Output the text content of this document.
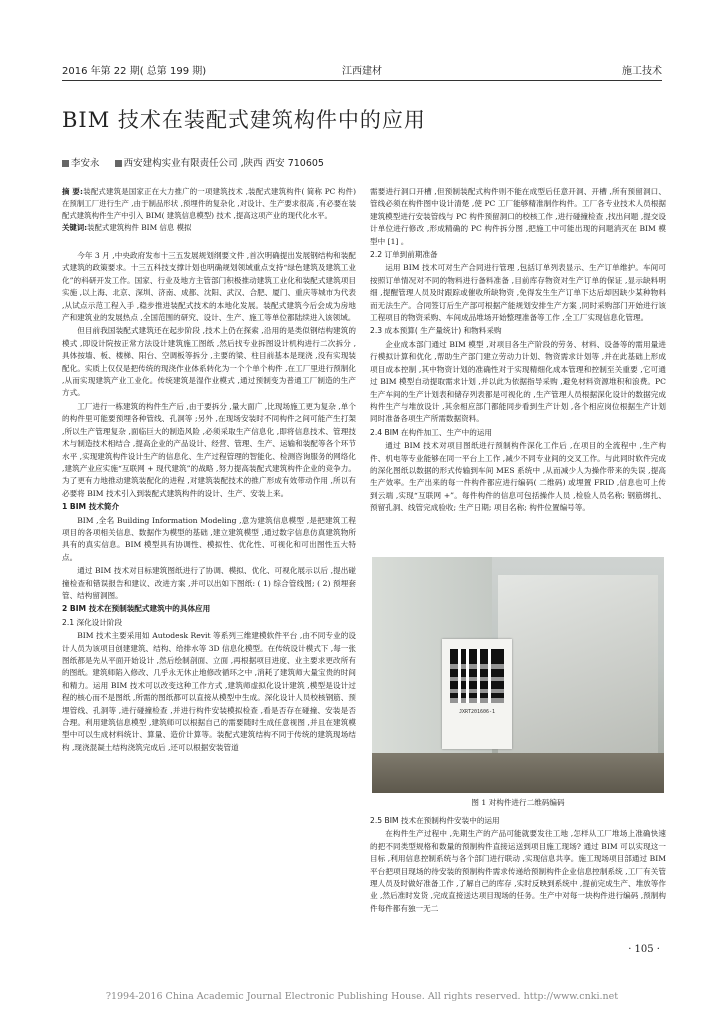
2016 年第 22 期( 总第 199 期)	江西建材	施工技术
BIM 技术在装配式建筑构件中的应用
李安永	西安建构实业有限责任公司 ,陕西 西安 710605

摘 要:装配式建筑是国家正在大力推广的一项建筑技术 ,装配式建筑构件( 简称 PC 构件) 在预制工厂进行生产 ,由于制品形状 ,预埋件的复杂化 ,对设计、生产要求很高 ,有必要在装配式建筑构件生产中引入 BIM( 建筑信息模型) 技术 ,提高这项产业的现代化水平。

关键词:装配式建筑构件 BIM 信息 模拟

今年 3 月 ,中央政府发布十三五发展规划纲要文件 ,首次明确提出发展钢结构和装配式建筑的政策要求。十三五科技支撑计划也明确规划领域重点支持“绿色建筑及建筑工业化”的科研开发工作。国家、行业及地方主管部门积极推动建筑工业化和装配式建筑项目实施 ,以上海、北京、深圳、济南、成都、沈阳、武汉、合肥、厦门、重庆等城市为代表 ,从试点示范工程入手 ,稳步推进装配式技术的本地化发展。装配式建筑今后会成为房地产和建筑业的发展热点 ,全国范围的研究、设计、生产、施工等单位都陆续进入该领域。

但目前我国装配式建筑还在起步阶段 ,技术上仍在探索 ,沿用的是类似钢结构建筑的模式 ,即设计院按正常方法设计建筑施工图纸 ,然后找专业拆图设计机构进行二次拆分 ,具体按墙、板、楼梯、阳台、空调板等拆分 ,主要的梁、柱目前基本是现浇 ,没有实现装配化。实质上仅仅是把传统的现浇作业体系转化为一个个单个构件 ,在工厂里进行预制化 ,从而实现建筑产业工业化。传统建筑是湿作业模式 ,通过预制变为普通工厂制造的生产方式。

工厂进行一栋建筑的构件生产后 ,由于要拆分 ,量大面广 ,比现场施工更为复杂 ,单个的构件里可能要预埋各种管线、孔洞等 ;另外 ,在现场安装时不同构件之间可能产生打架 ,所以生产管理复杂 ,面临巨大的制造风险 ,必须采取生产信息化 ,即将信息技术、管理技术与制造技术相结合 ,提高企业的产品设计、经营、管理、生产、运输和装配等各个环节水平 ,实现建筑构件设计生产的信息化、生产过程管理的智能化、检测咨询服务的网络化 ,建筑产业应实施“互联网 + 现代建筑”的战略 ,努力提高装配式建筑构件企业的竞争力。为了更有力地推动建筑装配化的进程 ,对建筑装配技术的推广形成有效带动作用 ,所以有必要将 BIM 技术引入到装配式建筑构件的设计、生产、安装上来。

1 BIM 技术简介

BIM ,全名 Building Information Modeling ,意为建筑信息模型 ,是把建筑工程项目的各项相关信息、数据作为模型的基础 ,建立建筑模型 ,通过数字信息仿真建筑物所具有的真实信息。BIM 模型具有协调性、模拟性、优化性、可视化和可出图性五大特点。

通过 BIM 技术对目标建筑图纸进行了协调、模拟、优化、可视化展示以后 ,提出碰撞检查和错误报告和建议、改进方案 ,并可以出如下图纸: ( 1) 综合管线图; ( 2) 预埋套管、结构留洞图。

2 BIM 技术在预制装配式建筑中的具体应用

2.1 深化设计阶段

BIM 技术主要采用如 Autodesk Revit 等系列三维建模软件平台 ,由不同专业的设计人员为该项目创建建筑、结构、给排水等 3D 信息化模型。在传统设计模式下 ,每一张图纸都是先从平面开始设计 ,然后绘制剖面、立面 ,再根据项目进度、业主要求更改所有的图纸。建筑师陷入修改、几乎永无休止地修改循环之中 ,消耗了建筑师大量宝贵的时间和精力。运用 BIM 技术可以改变这种工作方式 ,建筑师虚拟化设计建筑 ,模型是设计过程的核心而不是图纸 ,所需的图纸都可以直接从模型中生成。深化设计人员校核钢筋、预埋管线、孔洞等 ,进行碰撞检查 ,并进行构件安装模拟检查 ,看是否存在碰撞、安装是否合理。利用建筑信息模型 ,建筑师可以根据自己的需要随时生成任意视图 ,并且在建筑模型中可以生成材料统计、算量、造价计算等。装配式建筑结构不同于传统的建筑现场结构 ,现浇混凝土结构浇筑完成后 ,还可以根据安装管道

需要进行洞口开槽 ,但预制装配式构件则不能在成型后任意开洞、开槽 ,所有预留洞口、管线必须在构件图中设计清楚 ,使 PC 工厂能够精准制作构件。工厂各专业技术人员根据建筑模型进行安装管线与 PC 构件预留洞口的校核工作 ,进行碰撞检查 ,找出问题 ,提交设计单位进行修改 ,形成精确的 PC 构件拆分图 ,把施工中可能出现的问题消灭在 BIM 模型中 [1] 。

2.2 订单到前期准备

运用 BIM 技术可对生产合同进行管理 ,包括订单列表显示、生产订单维护。车间可按照订单情况对不同的物料进行备料准备 ,目前库存物资对生产订单的保证 ,显示缺料明细 ,提醒管理人员及时跟踪或催收所缺物资 ,免得发生生产订单下达后却因缺少某种物料而无法生产。合同签订后生产部可根据产能规划安排生产方案 ,同时采购部门开始进行该工程项目的物资采购、车间成品堆场开始整理准备等工作 ,全工厂实现信息化管理。

2.3 成本预算( 生产量统计) 和物料采购

企业成本部门通过 BIM 模型 ,对项目各生产阶段的劳务、材料、设备等的需用量进行模拟计算和优化 ,帮助生产部门建立劳动力计划、物资需求计划等 ,并在此基础上形成项目成本控制 ,其中物资计划的准确性对于实现精细化成本管理和控制至关重要 ,它可通过 BIM 模型自动提取需求计划 ,并以此为依据指导采购 ,避免材料资源堆积和浪费。PC 生产车间的生产计划表和储存列表都是可视化的 ,生产管理人员根据深化设计的数据完成构件生产与堆放设计 ,其余相应部门都能同步看到生产计划 ,各个相应岗位根据生产计划同时准备各项生产所需数据资料。

2.4 BIM 在构件加工、生产中的运用

通过 BIM 技术对项目图纸进行预制构件深化工作后 ,在项目的全流程中 ,生产构件、机电等专业能够在同一平台上工作 ,减少不同专业间的交叉工作。与此同时软件完成的深化图纸以数据的形式传输到车间 MES 系统中 ,从而减少人为操作带来的失误 ,提高生产效率。生产出来的每一件构件都应进行编码( 二维码) 或埋置 FRID ,信息也可上传到云端 ,实现“互联网 +”。每件构件的信息可包括操作人员 ,检验人员名称; 钢筋绑扎、预留孔洞、线管完成验收; 生产日期; 项目名称; 构件位置编号等。

JXRT201606-1
图 1 对构件进行二维码编码

2.5 BIM 技术在预制构件安装中的运用

在构件生产过程中 ,先期生产的产品可能就要发往工地 ,怎样从工厂堆场上准确快速的把不同类型规格和数量的预制构件直接运送到项目施工现场? 通过 BIM 可以实现这一目标 ,利用信息控制系统与各个部门进行联动 ,实现信息共享。施工现场项目部通过 BIM 平台把项目现场的待安装的预制构件需求传递给预制构件企业信息控制系统 ,工厂有关管理人员及时做好准备工作 ,了解自己的库存 ,实时反映到系统中 ,提前完成生产、堆放等作业 ,然后准时发货 ,完成直接送达项目现场的任务。生产中对每一块构件进行编码 ,预制构件每件都有独一无二

· 105 ·
?1994-2016 China Academic Journal Electronic Publishing House. All rights reserved. http://www.cnki.net
